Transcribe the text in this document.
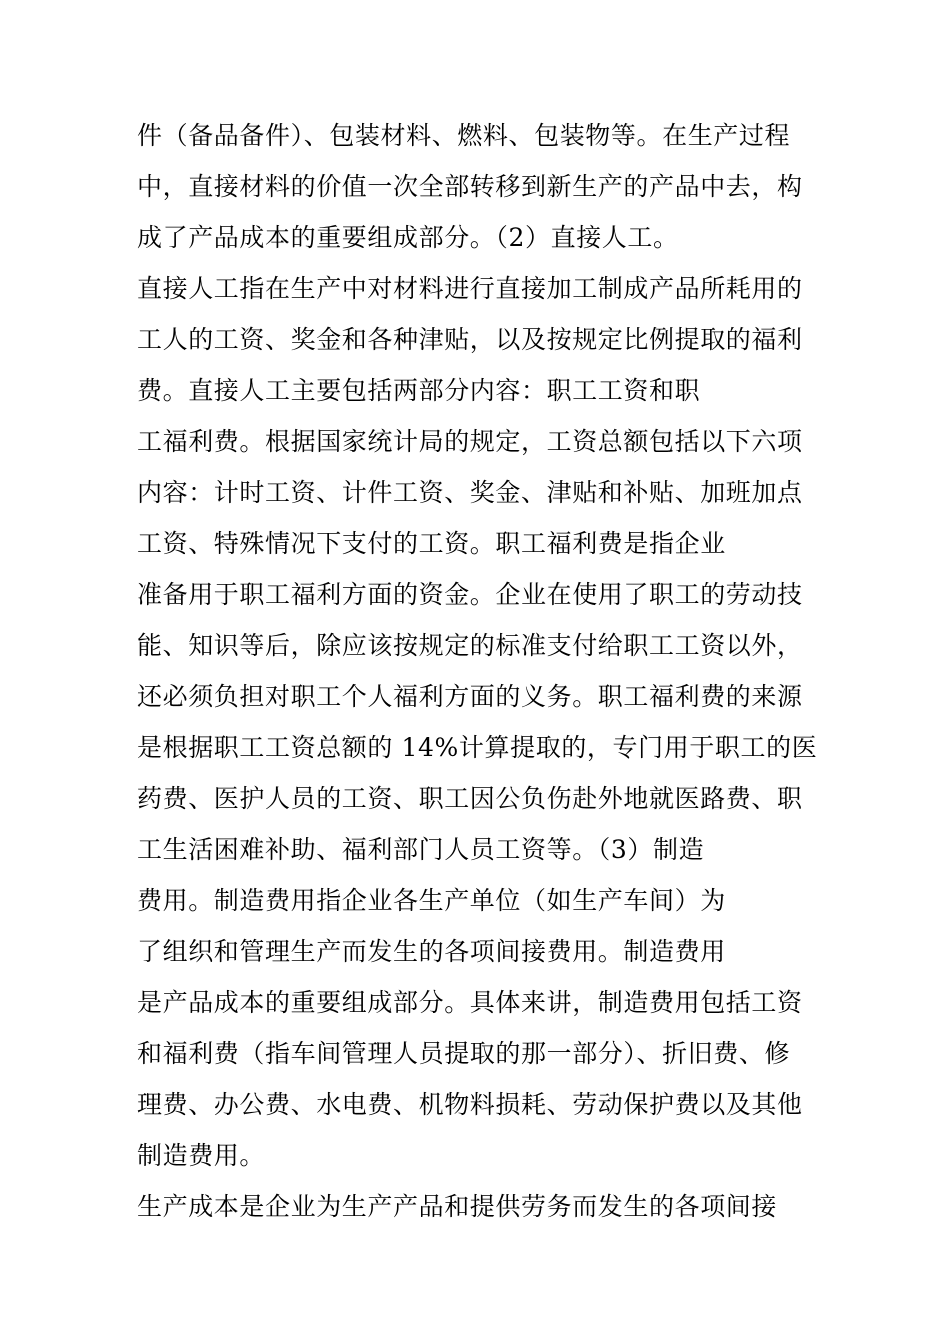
件（备品备件）、包装材料、燃料、包装物等。在生产过程
中，直接材料的价值一次全部转移到新生产的产品中去，构
成了产品成本的重要组成部分。（2）直接人工。
直接人工指在生产中对材料进行直接加工制成产品所耗用的
工人的工资、奖金和各种津贴，以及按规定比例提取的福利
费。直接人工主要包括两部分内容：职工工资和职
工福利费。根据国家统计局的规定，工资总额包括以下六项
内容：计时工资、计件工资、奖金、津贴和补贴、加班加点
工资、特殊情况下支付的工资。职工福利费是指企业
准备用于职工福利方面的资金。企业在使用了职工的劳动技
能、知识等后，除应该按规定的标准支付给职工工资以外，
还必须负担对职工个人福利方面的义务。职工福利费的来源
是根据职工工资总额的 14%计算提取的，专门用于职工的医
药费、医护人员的工资、职工因公负伤赴外地就医路费、职
工生活困难补助、福利部门人员工资等。（3）制造
费用。制造费用指企业各生产单位（如生产车间）为
了组织和管理生产而发生的各项间接费用。制造费用
是产品成本的重要组成部分。具体来讲，制造费用包括工资
和福利费（指车间管理人员提取的那一部分）、折旧费、修
理费、办公费、水电费、机物料损耗、劳动保护费以及其他
制造费用。
生产成本是企业为生产产品和提供劳务而发生的各项间接
